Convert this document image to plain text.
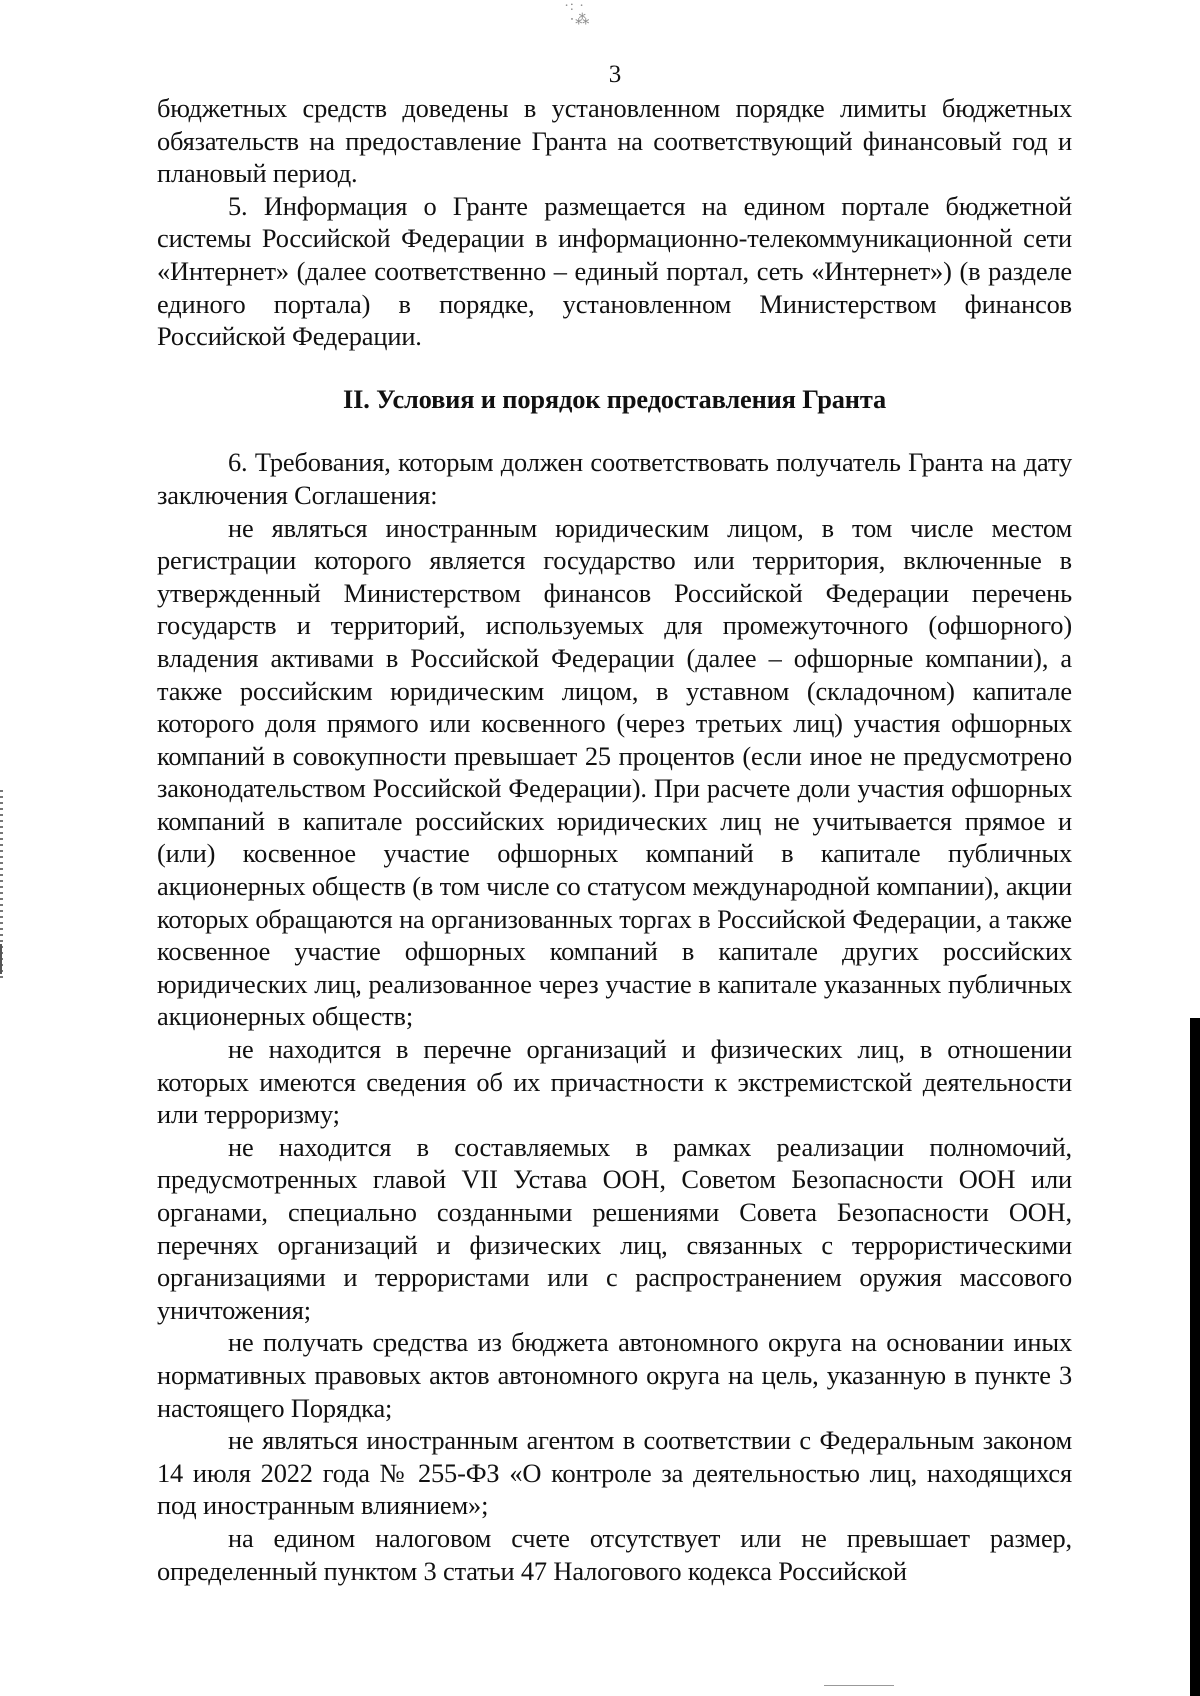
·: ·ﾞ
‧⁂
3

бюджетных средств доведены в установленном порядке лимиты бюджетных обязательств на предоставление Гранта на соответствующий финансовый год и плановый период.

5. Информация о Гранте размещается на едином портале бюджетной системы Российской Федерации в информационно-телекоммуникационной сети «Интернет» (далее соответственно – единый портал, сеть «Интернет») (в разделе единого портала) в порядке, установленном Министерством финансов Российской Федерации.

II. Условия и порядок предоставления Гранта

6. Требования, которым должен соответствовать получатель Гранта на дату заключения Соглашения:

не являться иностранным юридическим лицом, в том числе местом регистрации которого является государство или территория, включенные в утвержденный Министерством финансов Российской Федерации перечень государств и территорий, используемых для промежуточного (офшорного) владения активами в Российской Федерации (далее – офшорные компании), а также российским юридическим лицом, в уставном (складочном) капитале которого доля прямого или косвенного (через третьих лиц) участия офшорных компаний в совокупности превышает 25 процентов (если иное не предусмотрено законодательством Российской Федерации). При расчете доли участия офшорных компаний в капитале российских юридических лиц не учитывается прямое и (или) косвенное участие офшорных компаний в капитале публичных акционерных обществ (в том числе со статусом международной компании), акции которых обращаются на организованных торгах в Российской Федерации, а также косвенное участие офшорных компаний в капитале других российских юридических лиц, реализованное через участие в капитале указанных публичных акционерных обществ;

не находится в перечне организаций и физических лиц, в отношении которых имеются сведения об их причастности к экстремистской деятельности или терроризму;

не находится в составляемых в рамках реализации полномочий, предусмотренных главой VII Устава ООН, Советом Безопасности ООН или органами, специально созданными решениями Совета Безопасности ООН, перечнях организаций и физических лиц, связанных с террористическими организациями и террористами или с распространением оружия массового уничтожения;

не получать средства из бюджета автономного округа на основании иных нормативных правовых актов автономного округа на цель, указанную в пункте 3 настоящего Порядка;

не являться иностранным агентом в соответствии с Федеральным законом 14 июля 2022 года № 255-ФЗ «О контроле за деятельностью лиц, находящихся под иностранным влиянием»;

на едином налоговом счете отсутствует или не превышает размер, определенный пунктом 3 статьи 47 Налогового кодекса Российской
